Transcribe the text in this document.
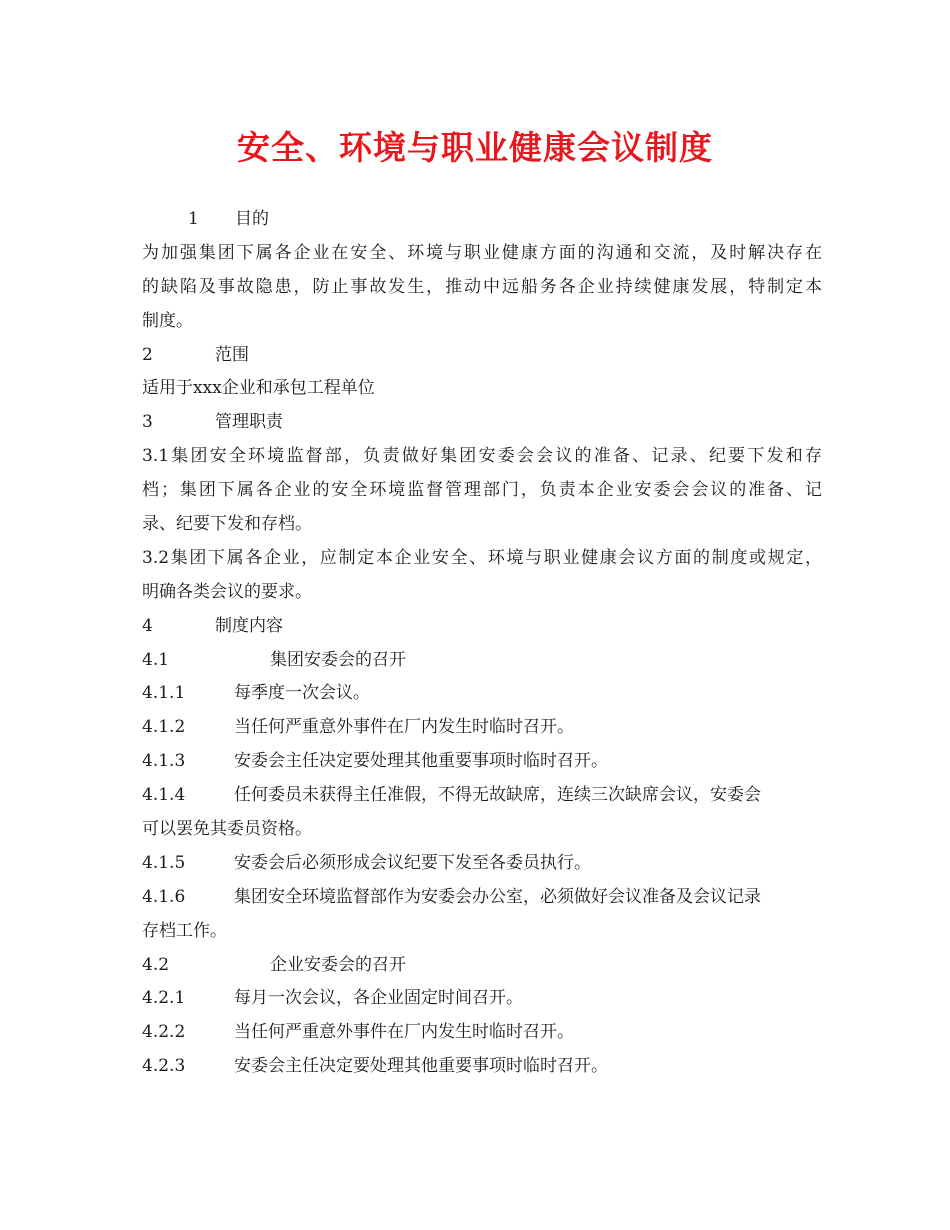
安全、环境与职业健康会议制度
1 目的
为加强集团下属各企业在安全、环境与职业健康方面的沟通和交流，及时解决存在
的缺陷及事故隐患，防止事故发生，推动中远船务各企业持续健康发展，特制定本
制度。
2	范围
适用于xxx企业和承包工程单位
3	管理职责
3.1集团安全环境监督部，负责做好集团安委会会议的准备、记录、纪要下发和存
档；集团下属各企业的安全环境监督管理部门，负责本企业安委会会议的准备、记
录、纪要下发和存档。
3.2集团下属各企业，应制定本企业安全、环境与职业健康会议方面的制度或规定，
明确各类会议的要求。
4	制度内容
4.1	集团安委会的召开
4.1.1	每季度一次会议。
4.1.2	当任何严重意外事件在厂内发生时临时召开。
4.1.3	安委会主任决定要处理其他重要事项时临时召开。
4.1.4	任何委员未获得主任准假，不得无故缺席，连续三次缺席会议，安委会
可以罢免其委员资格。
4.1.5	安委会后必须形成会议纪要下发至各委员执行。
4.1.6	集团安全环境监督部作为安委会办公室，必须做好会议准备及会议记录
存档工作。
4.2	企业安委会的召开
4.2.1	每月一次会议，各企业固定时间召开。
4.2.2	当任何严重意外事件在厂内发生时临时召开。
4.2.3	安委会主任决定要处理其他重要事项时临时召开。
